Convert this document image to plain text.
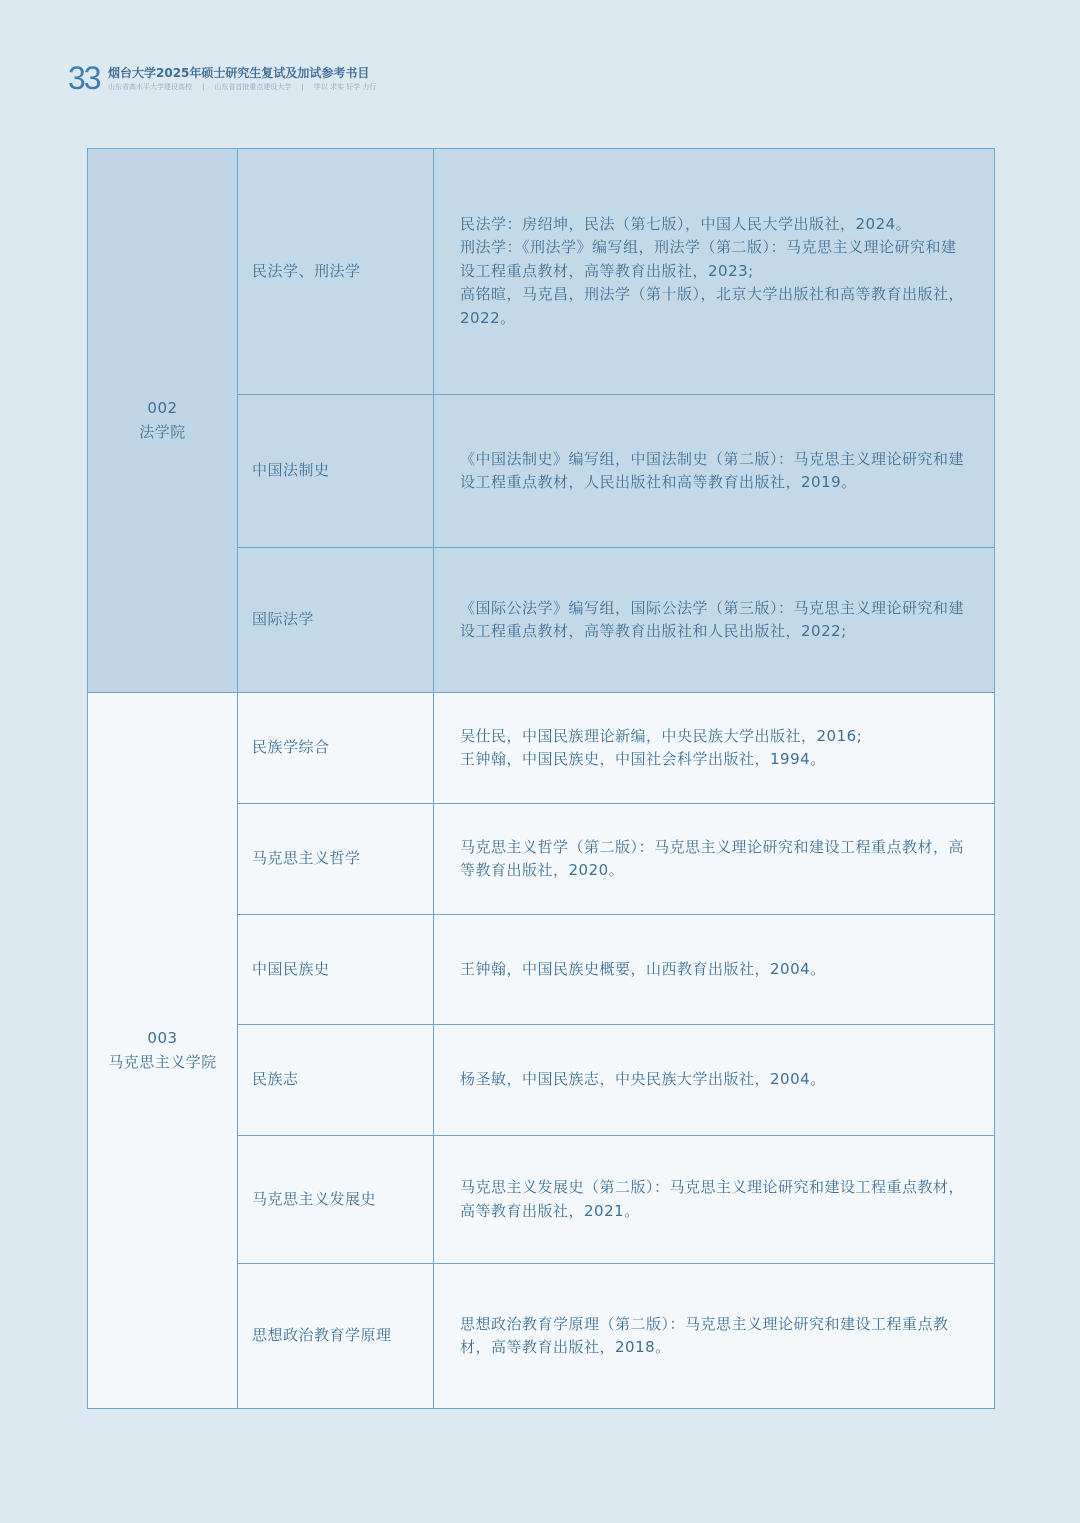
33 烟台大学2025年硕士研究生复试及加试参考书目
山东省高水平大学建设高校 | 山东省首批重点建设大学 | 学以 求实 好学 力行
002
法学院	民法学、刑法学	民法学：房绍坤，民法（第七版），中国人民大学出版社，2024。
刑法学：《刑法学》编写组，刑法学（第二版）：马克思主义理论研究和建设工程重点教材，高等教育出版社，2023;
高铭暄，马克昌，刑法学（第十版），北京大学出版社和高等教育出版社，2022。

	中国法制史	《中国法制史》编写组，中国法制史（第二版）：马克思主义理论研究和建设工程重点教材，人民出版社和高等教育出版社，2019。

	国际法学	《国际公法学》编写组，国际公法学（第三版）：马克思主义理论研究和建设工程重点教材，高等教育出版社和人民出版社，2022;

003
马克思主义学院	民族学综合	吴仕民，中国民族理论新编，中央民族大学出版社，2016;
王钟翰，中国民族史，中国社会科学出版社，1994。

	马克思主义哲学	马克思主义哲学（第二版）：马克思主义理论研究和建设工程重点教材，高等教育出版社，2020。

	中国民族史	王钟翰，中国民族史概要，山西教育出版社，2004。

	民族志	杨圣敏，中国民族志，中央民族大学出版社，2004。

	马克思主义发展史	马克思主义发展史（第二版）：马克思主义理论研究和建设工程重点教材，高等教育出版社，2021。

	思想政治教育学原理	思想政治教育学原理（第二版）：马克思主义理论研究和建设工程重点教材，高等教育出版社，2018。
